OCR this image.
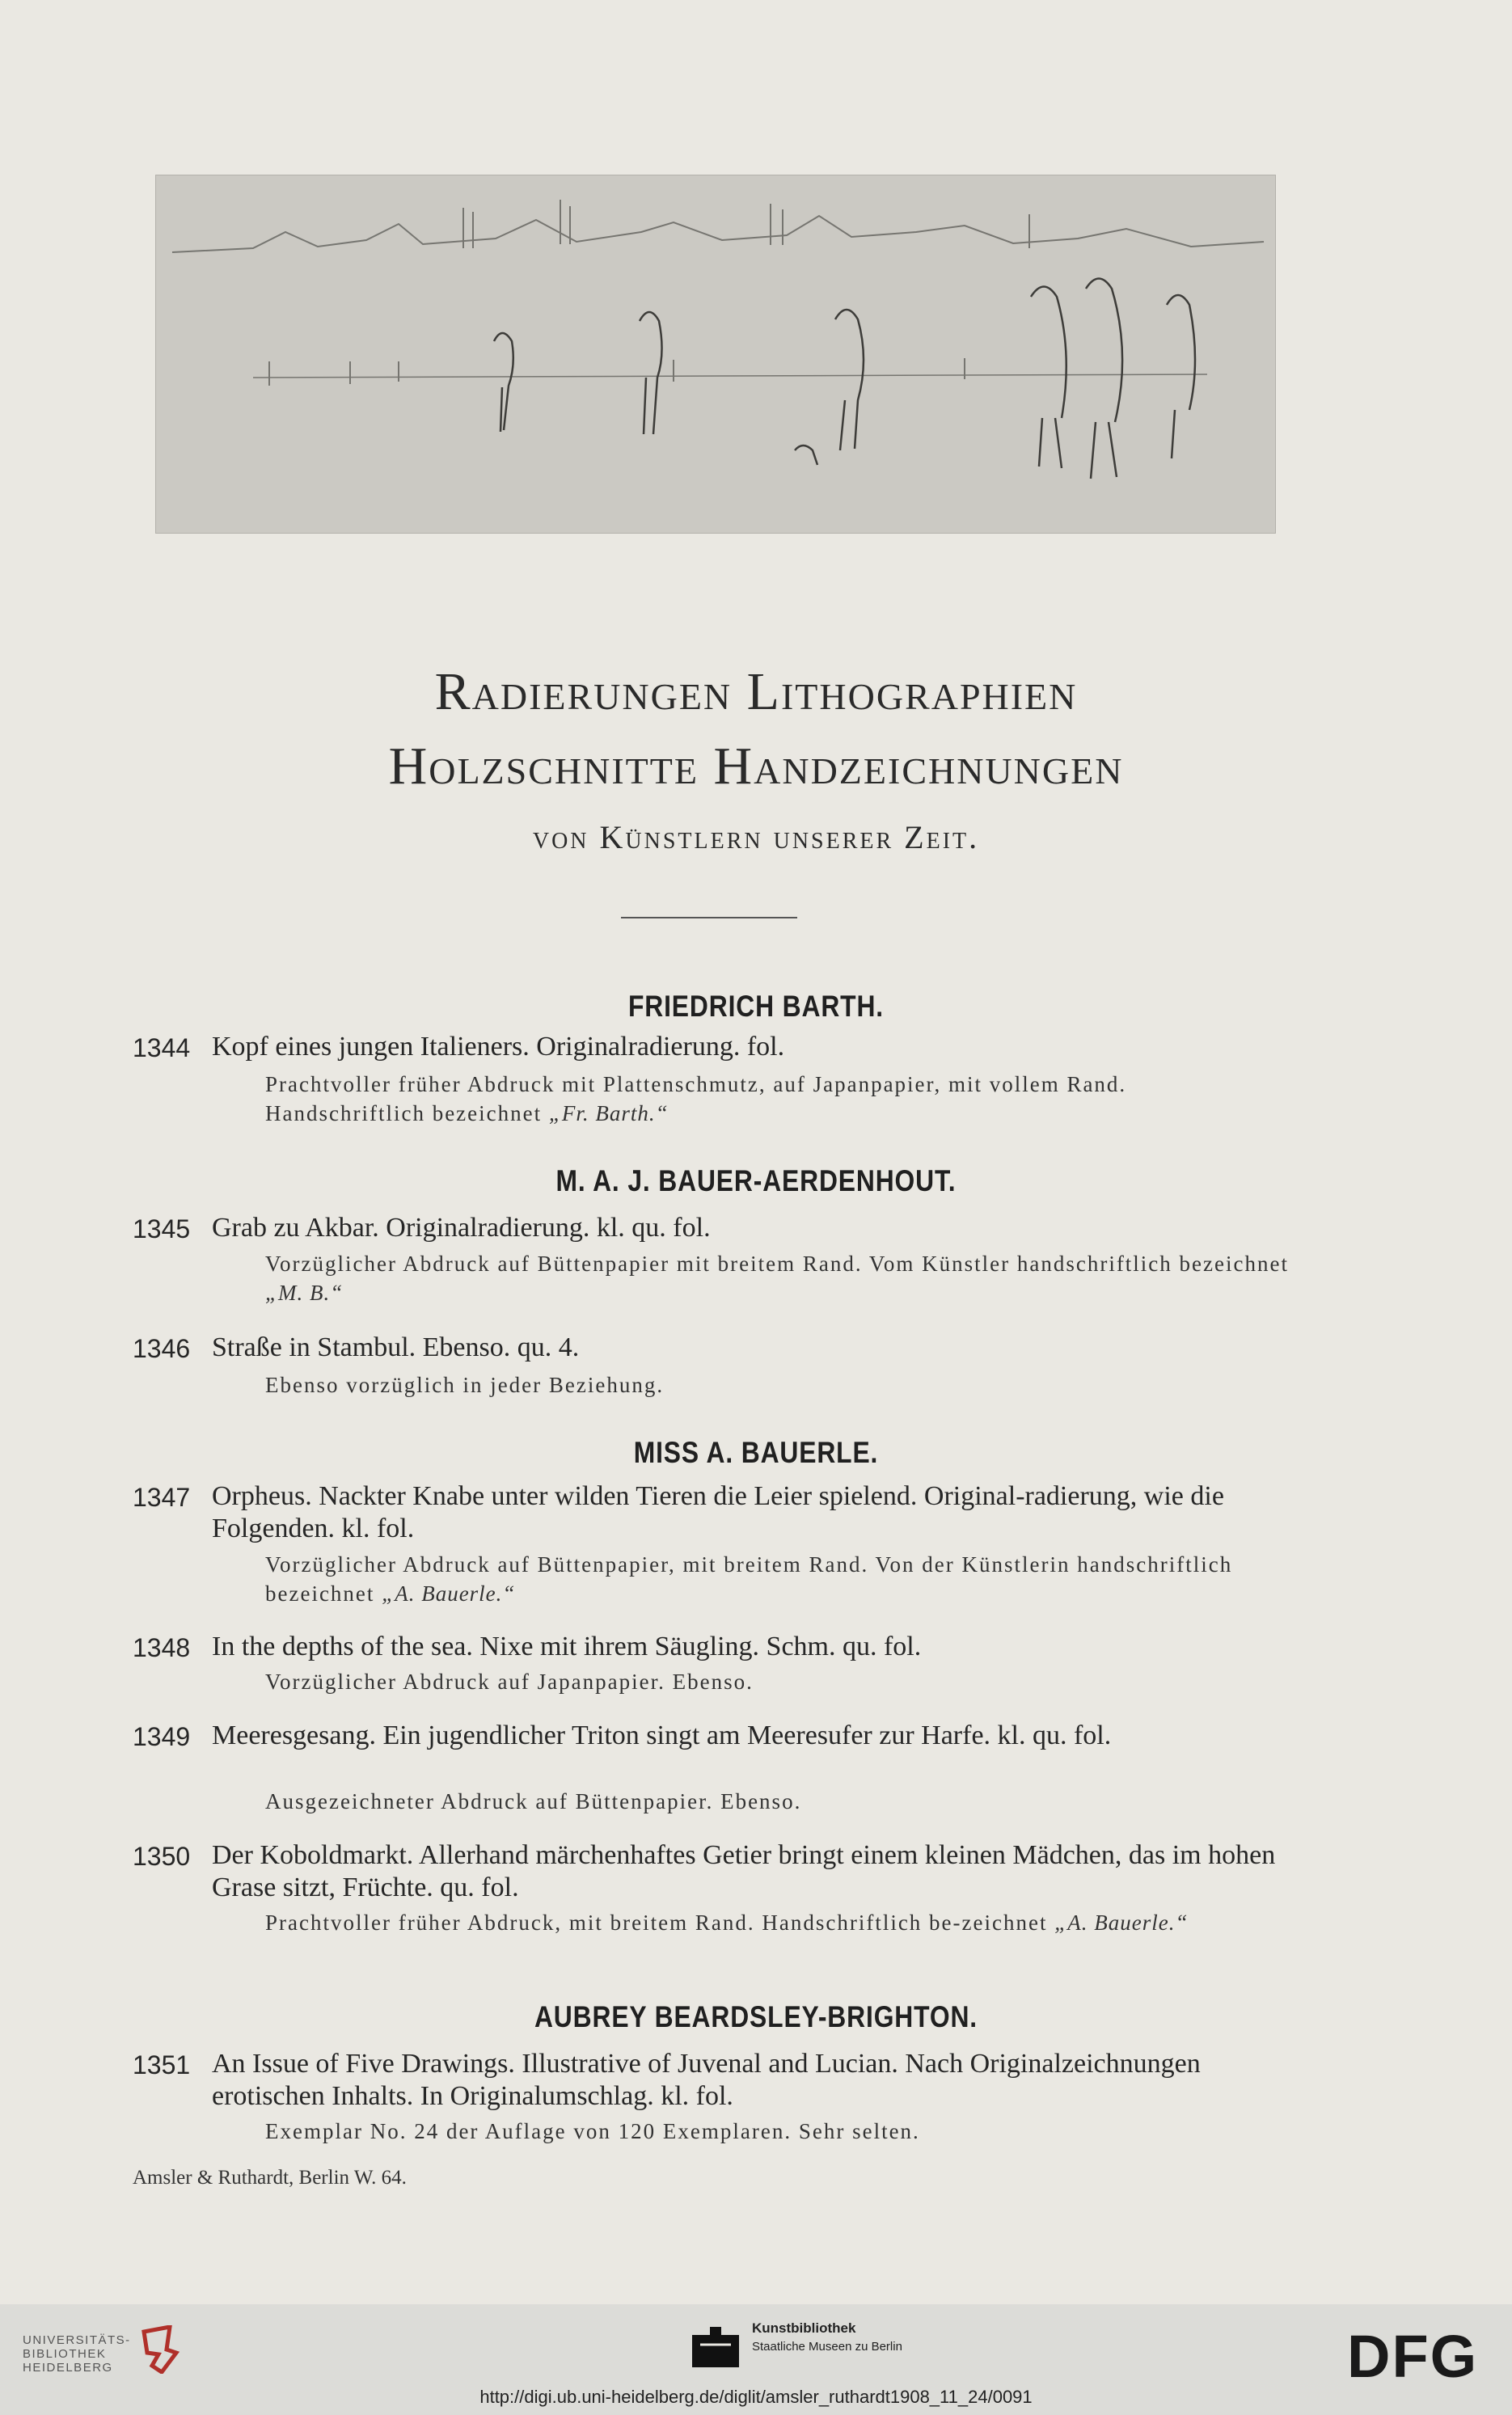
Radierungen Lithographien
Holzschnitte Handzeichnungen
von Künstlern unserer Zeit.
FRIEDRICH BARTH.
1344 Kopf eines jungen Italieners. Originalradierung. fol.
Prachtvoller früher Abdruck mit Plattenschmutz, auf Japanpapier, mit vollem Rand. Handschriftlich bezeichnet „Fr. Barth.“
M. A. J. BAUER-AERDENHOUT.
1345 Grab zu Akbar. Originalradierung. kl. qu. fol.
Vorzüglicher Abdruck auf Büttenpapier mit breitem Rand. Vom Künstler handschriftlich bezeichnet „M. B.“
1346 Straße in Stambul. Ebenso. qu. 4.
Ebenso vorzüglich in jeder Beziehung.
MISS A. BAUERLE.
1347 Orpheus. Nackter Knabe unter wilden Tieren die Leier spielend. Original-radierung, wie die Folgenden. kl. fol.
Vorzüglicher Abdruck auf Büttenpapier, mit breitem Rand. Von der Künstlerin handschriftlich bezeichnet „A. Bauerle.“
1348 In the depths of the sea. Nixe mit ihrem Säugling. Schm. qu. fol.
Vorzüglicher Abdruck auf Japanpapier. Ebenso.
1349 Meeresgesang. Ein jugendlicher Triton singt am Meeresufer zur Harfe. kl. qu. fol.
Ausgezeichneter Abdruck auf Büttenpapier. Ebenso.
1350 Der Koboldmarkt. Allerhand märchenhaftes Getier bringt einem kleinen Mädchen, das im hohen Grase sitzt, Früchte. qu. fol.
Prachtvoller früher Abdruck, mit breitem Rand. Handschriftlich be-zeichnet „A. Bauerle.“
AUBREY BEARDSLEY-BRIGHTON.
1351 An Issue of Five Drawings. Illustrative of Juvenal and Lucian. Nach Originalzeichnungen erotischen Inhalts. In Originalumschlag. kl. fol.
Exemplar No. 24 der Auflage von 120 Exemplaren. Sehr selten.
Amsler & Ruthardt, Berlin W. 64.
UNIVERSITÄTS-
BIBLIOTHEK
HEIDELBERG
Kunstbibliothek
Staatliche Museen zu Berlin	DFG
http://digi.ub.uni-heidelberg.de/diglit/amsler_ruthardt1908_11_24/0091
